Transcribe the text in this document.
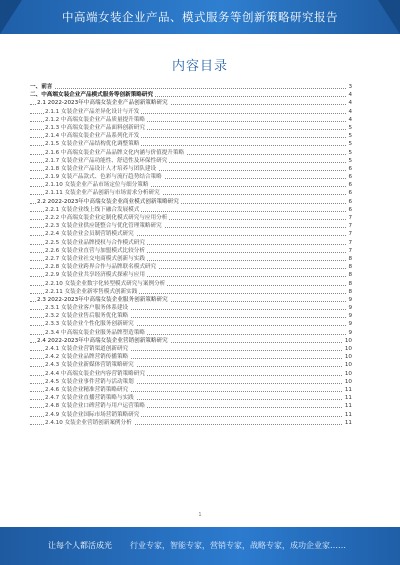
中高端女装企业产品、模式服务等创新策略研究报告
内容目录
一、前言	3
二、中高端女装企业产品模式服务等创新策略研究	4
2.1 2022-2023年中高端女装企业产品创新策略研究	4
2.1.1 女装企业产品差异化设计与开发	4
2.1.2 中高端女装企业产品质量提升策略	4
2.1.3 中高端女装企业产品面料创新研究	5
2.1.4 中高端女装企业产品系列化开发	5
2.1.5 女装企业产品结构优化调整策略	5
2.1.6 中高端女装企业产品品牌文化内涵与价值提升策略	5
2.1.7 女装企业产品功能性、舒适性及环保性研究	5
2.1.8 女装企业产品设计人才培养与团队建设	6
2.1.9 女装产品款式、色彩与流行趋势结合策略	6
2.1.10 女装企业产品市场定位与细分策略	6
2.1.11 女装企业产品创新与市场需求分析研究	6
2.2 2022-2023年中高端女装企业商业模式创新策略研究	6
2.2.1 女装企业线上线下融合发展模式	6
2.2.2 中高端女装企业定制化模式研究与应用分析	7
2.2.3 女装企业供应链整合与优化管理策略研究	7
2.2.4 女装企业会员制营销模式研究	7
2.2.5 女装企业品牌授权与合作模式研究	7
2.2.6 女装企业直营与加盟模式比较分析	7
2.2.7 女装企业社交电商模式创新与实践	8
2.2.8 女装企业跨界合作与品牌联名模式研究	8
2.2.9 女装企业共享经济模式探索与应用	8
2.2.10 女装企业数字化转型模式研究与案例分析	8
2.2.11 女装企业新零售模式创新实践	8
2.3 2022-2023年中高端女装企业服务创新策略研究	9
2.3.1 女装企业客户服务体系建设	9
2.3.2 女装企业售后服务优化策略	9
2.3.3 女装企业个性化服务创新研究	9
2.3.4 中高端女装企业服务品牌塑造策略	9
2.4 2022-2023年中高端女装企业营销创新策略研究	10
2.4.1 女装企业营销渠道创新研究	10
2.4.2 女装企业品牌营销传播策略	10
2.4.3 女装企业新媒体营销策略研究	10
2.4.4 中高端女装企业内容营销策略研究	10
2.4.5 女装企业事件营销与活动策划	10
2.4.6 女装企业精准营销策略研究	11
2.4.7 女装企业直播营销策略与实践	11
2.4.8 女装企业口碑营销与用户运营策略	11
2.4.9 女装企业国际市场营销策略研究	11
2.4.10 女装企业营销创新案例分析	11
1
让每个人都活成光 行业专家，智能专家，营销专家，战略专家，成功企业家……
